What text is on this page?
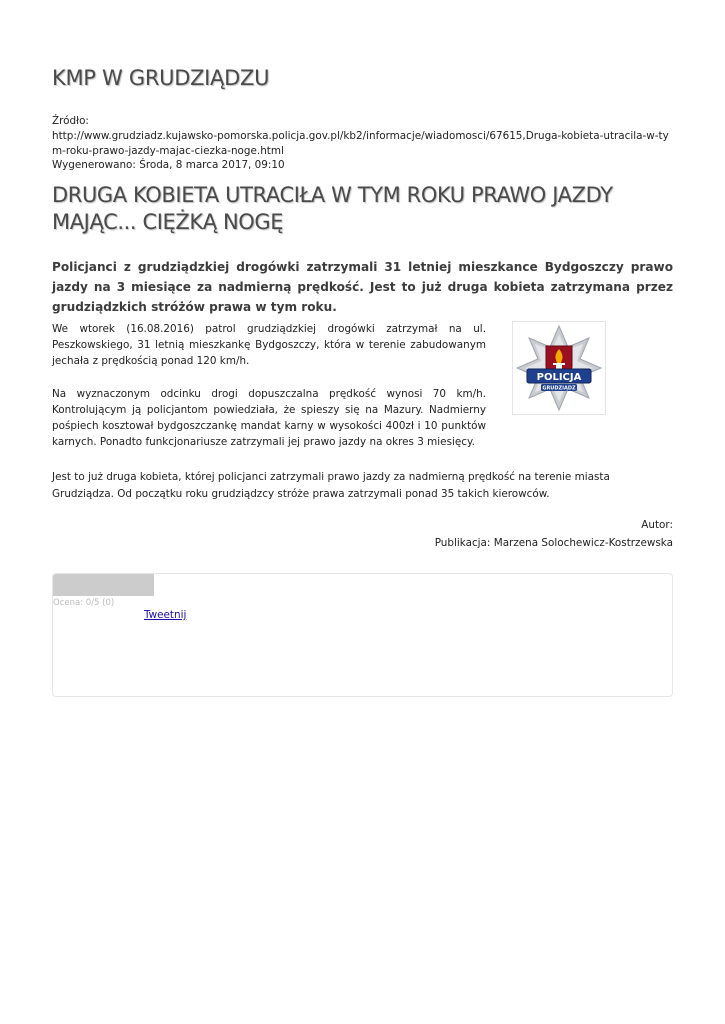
KMP W GRUDZIĄDZU
Źródło:
http://www.grudziadz.kujawsko-pomorska.policja.gov.pl/kb2/informacje/wiadomosci/67615,Druga-kobieta-utracila-w-tym-roku-prawo-jazdy-majac-ciezka-noge.html
Wygenerowano: Środa, 8 marca 2017, 09:10
DRUGA KOBIETA UTRACIŁA W TYM ROKU PRAWO JAZDY MAJĄC... CIĘŻKĄ NOGĘ

Policjanci z grudziądzkiej drogówki zatrzymali 31 letniej mieszkance Bydgoszczy prawo jazdy na 3 miesiące za nadmierną prędkość. Jest to już druga kobieta zatrzymana przez grudziądzkich stróżów prawa w tym roku.

We wtorek (16.08.2016) patrol grudziądzkiej drogówki zatrzymał na ul. Peszkowskiego, 31 letnią mieszkankę Bydgoszczy, która w terenie zabudowanym jechała z prędkością ponad 120 km/h.

Na wyznaczonym odcinku drogi dopuszczalna prędkość wynosi 70 km/h. Kontrolującym ją policjantom powiedziała, że spieszy się na Mazury. Nadmierny pośpiech kosztował bydgoszczankę mandat karny w wysokości 400zł i 10 punktów karnych. Ponadto funkcjonariusze zatrzymali jej prawo jazdy na okres 3 miesięcy.

POLICJA
GRUDZIĄDZ

Jest to już druga kobieta, której policjanci zatrzymali prawo jazdy za nadmierną prędkość na terenie miasta Grudziądza. Od początku roku grudziądzcy stróże prawa zatrzymali ponad 35 takich kierowców.

Autor:
Publikacja: Marzena Solochewicz-Kostrzewska
Ocena: 0/5 (0)
Tweetnij
